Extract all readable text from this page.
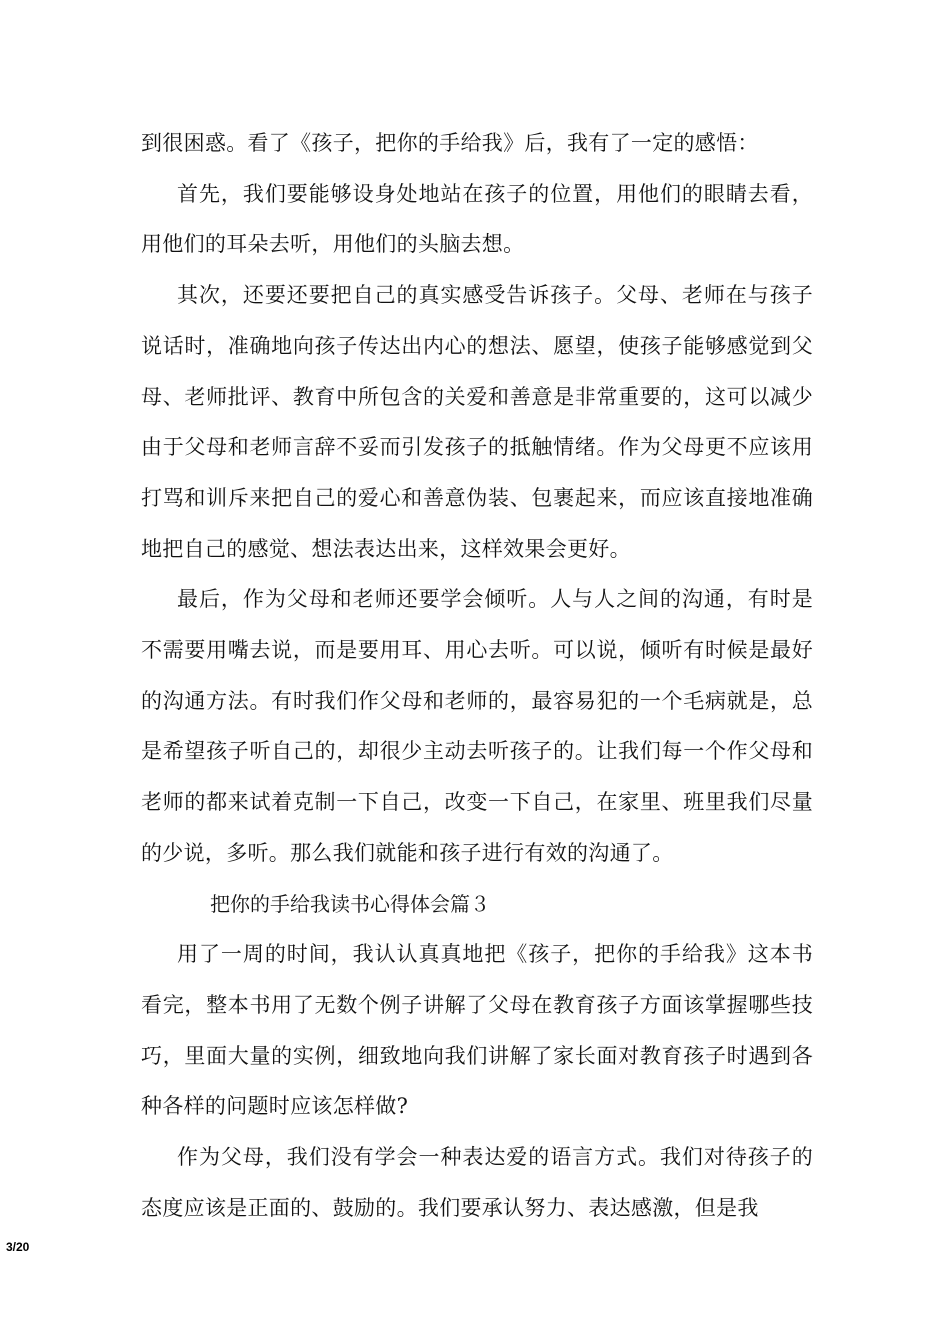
到很困惑。看了《孩子，把你的手给我》后，我有了一定的感悟：

首先，我们要能够设身处地站在孩子的位置，用他们的眼睛去看，用他们的耳朵去听，用他们的头脑去想。

其次，还要还要把自己的真实感受告诉孩子。父母、老师在与孩子说话时，准确地向孩子传达出内心的想法、愿望，使孩子能够感觉到父母、老师批评、教育中所包含的关爱和善意是非常重要的，这可以减少由于父母和老师言辞不妥而引发孩子的抵触情绪。作为父母更不应该用打骂和训斥来把自己的爱心和善意伪装、包裹起来，而应该直接地准确地把自己的感觉、想法表达出来，这样效果会更好。

最后，作为父母和老师还要学会倾听。人与人之间的沟通，有时是不需要用嘴去说，而是要用耳、用心去听。可以说，倾听有时候是最好的沟通方法。有时我们作父母和老师的，最容易犯的一个毛病就是，总是希望孩子听自己的，却很少主动去听孩子的。让我们每一个作父母和老师的都来试着克制一下自己，改变一下自己，在家里、班里我们尽量的少说，多听。那么我们就能和孩子进行有效的沟通了。

把你的手给我读书心得体会篇３

用了一周的时间，我认认真真地把《孩子，把你的手给我》这本书看完，整本书用了无数个例子讲解了父母在教育孩子方面该掌握哪些技巧，里面大量的实例，细致地向我们讲解了家长面对教育孩子时遇到各种各样的问题时应该怎样做?

作为父母，我们没有学会一种表达爱的语言方式。我们对待孩子的态度应该是正面的、鼓励的。我们要承认努力、表达感激，但是我

3/20
